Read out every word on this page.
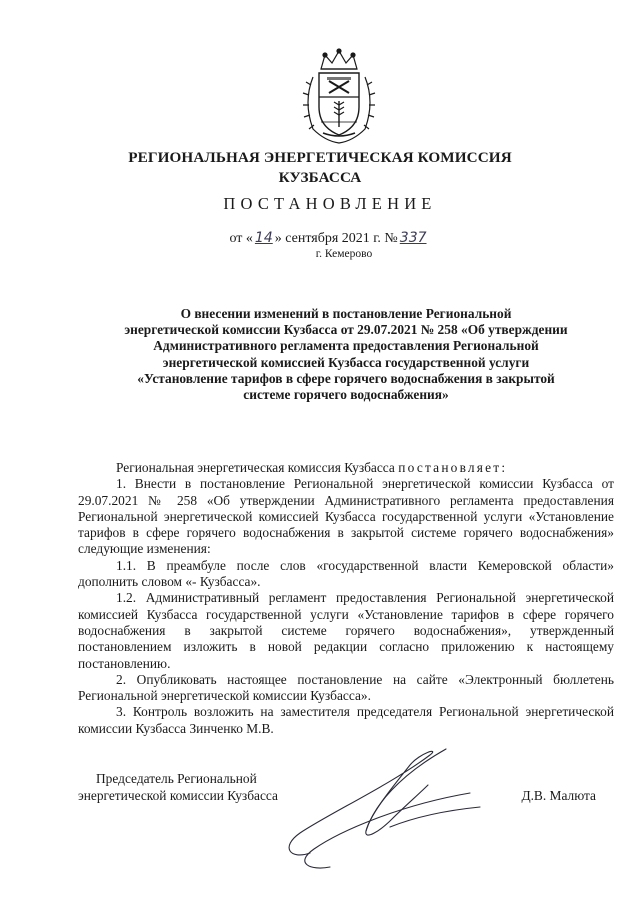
РЕГИОНАЛЬНАЯ ЭНЕРГЕТИЧЕСКАЯ КОМИССИЯ
КУЗБАССА
ПОСТАНОВЛЕНИЕ
от « 14 » сентября 2021 г. № 337
г. Кемерово
О внесении изменений в постановление Региональной
энергетической комиссии Кузбасса от 29.07.2021 № 258 «Об утверждении
Административного регламента предоставления Региональной
энергетической комиссией Кузбасса государственной услуги
«Установление тарифов в сфере горячего водоснабжения в закрытой
системе горячего водоснабжения»

Региональная энергетическая комиссия Кузбасса постановляет:

1. Внести в постановление Региональной энергетической комиссии Кузбасса от 29.07.2021 № 258 «Об утверждении Административного регламента предоставления Региональной энергетической комиссией Кузбасса государственной услуги «Установление тарифов в сфере горячего водоснабжения в закрытой системе горячего водоснабжения» следующие изменения:

1.1. В преамбуле после слов «государственной власти Кемеровской области» дополнить словом «- Кузбасса».

1.2. Административный регламент предоставления Региональной энергетической комиссией Кузбасса государственной услуги «Установление тарифов в сфере горячего водоснабжения в закрытой системе горячего водоснабжения», утвержденный постановлением изложить в новой редакции согласно приложению к настоящему постановлению.

2. Опубликовать настоящее постановление на сайте «Электронный бюллетень Региональной энергетической комиссии Кузбасса».

3. Контроль возложить на заместителя председателя Региональной энергетической комиссии Кузбасса Зинченко М.В.

Председатель Региональной
энергетической комиссии Кузбасса	Д.В. Малюта
